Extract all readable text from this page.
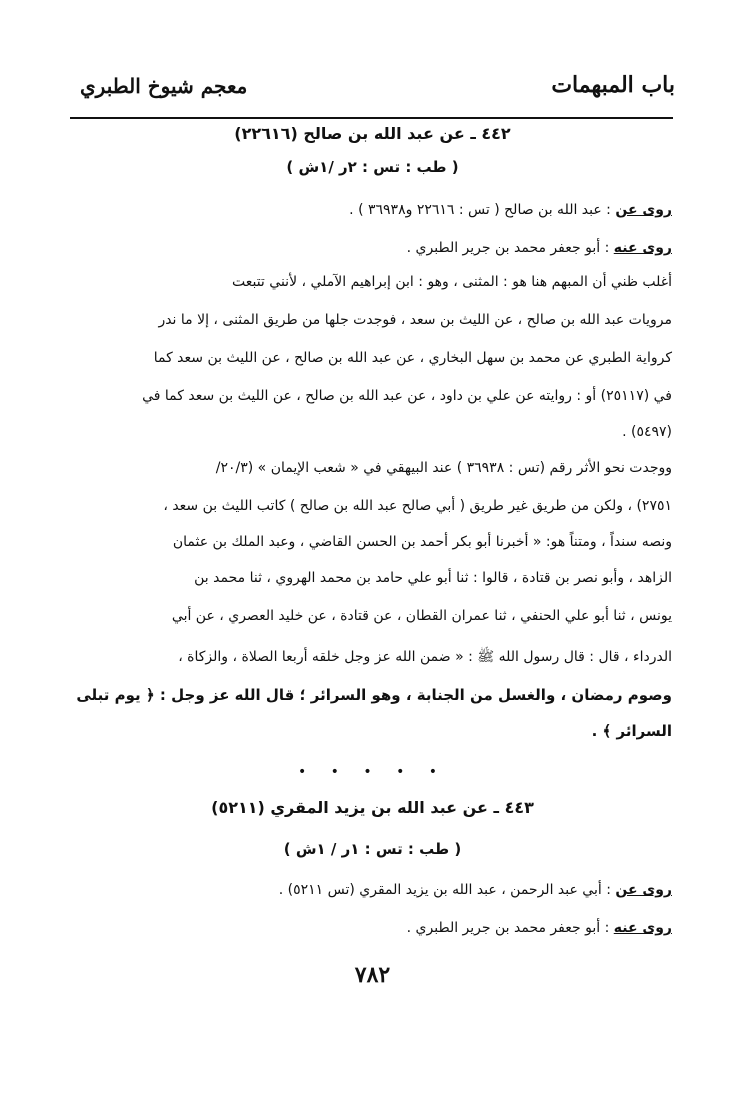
باب المبهمات
معجم شيوخ الطبري
٤٤٢ ـ عن عبد الله بن صالح (٢٢٦١٦)
( طب : تس : ٢ر /١ش )
روى عن : عبد الله بن صالح ( تس : ٢٢٦١٦ و٣٦٩٣٨ ) .
روى عنه : أبو جعفر محمد بن جرير الطبري .
أغلب ظني أن المبهم هنا هو : المثنى ، وهو : ابن إبراهيم الآملي ، لأنني تتبعت
مرويات عبد الله بن صالح ، عن الليث بن سعد ، فوجدت جلها من طريق المثنى ، إلا ما ندر
كرواية الطبري عن محمد بن سهل البخاري ، عن عبد الله بن صالح ، عن الليث بن سعد كما
في (٢٥١١٧) أو : روايته عن علي بن داود ، عن عبد الله بن صالح ، عن الليث بن سعد كما في
(٥٤٩٧) .
ووجدت نحو الأثر رقم (تس : ٣٦٩٣٨ ) عند البيهقي في « شعب الإيمان » (٢٠/٣/
٢٧٥١) ، ولكن من طريق غير طريق ( أبي صالح عبد الله بن صالح ) كاتب الليث بن سعد ،
ونصه سنداً ، ومتناً هو: « أخبرنا أبو بكر أحمد بن الحسن القاضي ، وعبد الملك بن عثمان
الزاهد ، وأبو نصر بن قتادة ، قالوا : ثنا أبو علي حامد بن محمد الهروي ، ثنا محمد بن
يونس ، ثنا أبو علي الحنفي ، ثنا عمران القطان ، عن قتادة ، عن خليد العصري ، عن أبي
الدرداء ، قال : قال رسول الله ﷺ : « ضمن الله عز وجل خلقه أربعا الصلاة ، والزكاة ،
وصوم رمضان ، والغسل من الجنابة ، وهو السرائر ؛ قال الله عز وجل : ﴿ يوم تبلى
السرائر ﴾ .
• • • • •
٤٤٣ ـ عن عبد الله بن يزيد المقري (٥٢١١)
( طب : تس : ١ر / ١ش )
روى عن : أبي عبد الرحمن ، عبد الله بن يزيد المقري (تس ٥٢١١) .
روى عنه : أبو جعفر محمد بن جرير الطبري .
٧٨٢
